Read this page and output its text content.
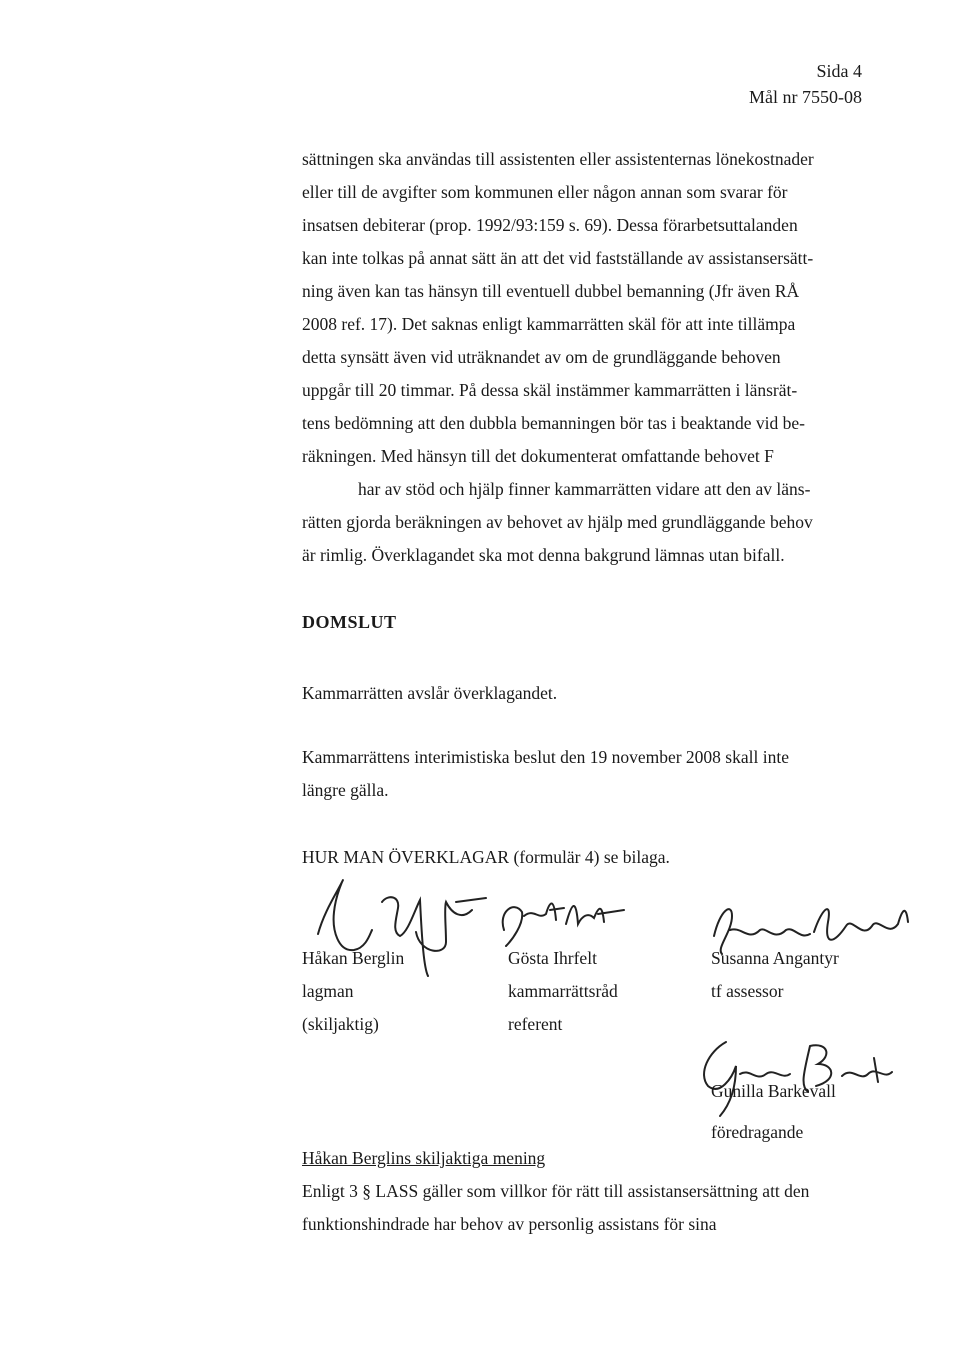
Sida 4
Mål nr 7550-08
sättningen ska användas till assistenten eller assistenternas lönekostnader
eller till de avgifter som kommunen eller någon annan som svarar för
insatsen debiterar (prop. 1992/93:159 s. 69). Dessa förarbetsuttalanden
kan inte tolkas på annat sätt än att det vid fastställande av assistansersätt-
ning även kan tas hänsyn till eventuell dubbel bemanning (Jfr även RÅ
2008 ref. 17). Det saknas enligt kammarrätten skäl för att inte tillämpa
detta synsätt även vid uträknandet av om de grundläggande behoven
uppgår till 20 timmar. På dessa skäl instämmer kammarrätten i länsrät-
tens bedömning att den dubbla bemanningen bör tas i beaktande vid be-
räkningen. Med hänsyn till det dokumenterat omfattande behovet F
har av stöd och hjälp finner kammarrätten vidare att den av läns-
rätten gjorda beräkningen av behovet av hjälp med grundläggande behov
är rimlig. Överklagandet ska mot denna bakgrund lämnas utan bifall.
DOMSLUT
Kammarrätten avslår överklagandet.
Kammarrättens interimistiska beslut den 19 november 2008 skall inte
längre gälla.
HUR MAN ÖVERKLAGAR (formulär 4) se bilaga.
Håkan Berglin
lagman
(skiljaktig)
Gösta Ihrfelt
kammarrättsråd
referent
Susanna Angantyr
tf assessor
Gunilla Barkevall
föredragande
Håkan Berglins skiljaktiga mening
Enligt 3 § LASS gäller som villkor för rätt till assistansersättning att den
funktionshindrade har behov av personlig assistans för sina
